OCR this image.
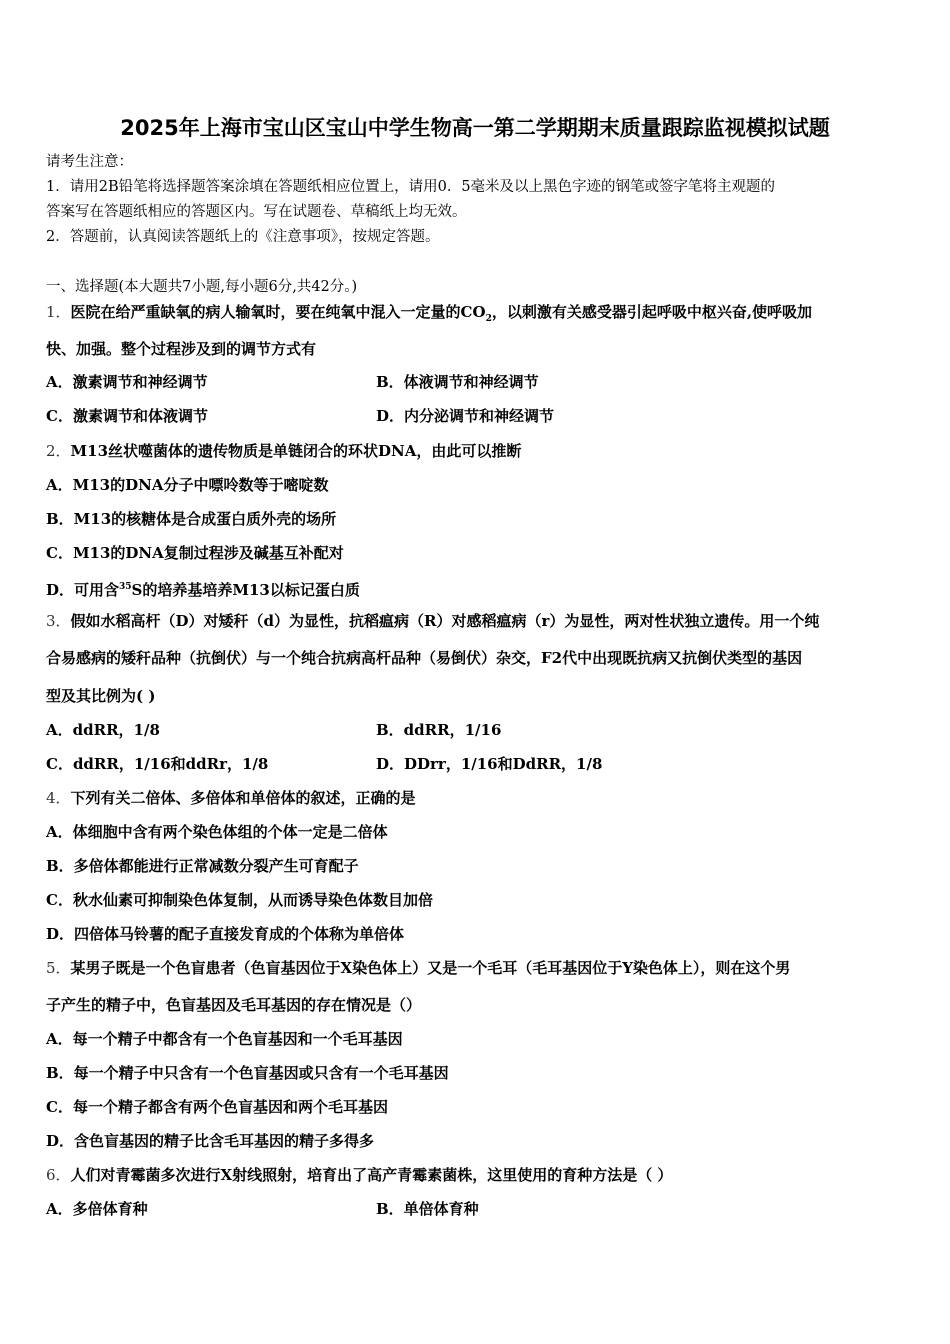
2025年上海市宝山区宝山中学生物高一第二学期期末质量跟踪监视模拟试题
请考生注意：
1．请用2B铅笔将选择题答案涂填在答题纸相应位置上，请用0．5毫米及以上黑色字迹的钢笔或签字笔将主观题的
答案写在答题纸相应的答题区内。写在试题卷、草稿纸上均无效。
2．答题前，认真阅读答题纸上的《注意事项》，按规定答题。
一、选择题(本大题共7小题,每小题6分,共42分。)
1．医院在给严重缺氧的病人输氧时，要在纯氧中混入一定量的$CO_2$，以刺激有关感受器引起呼吸中枢兴奋,使呼吸加
快、加强。整个过程涉及到的调节方式有
A．激素调节和神经调节	B．体液调节和神经调节
C．激素调节和体液调节	D．内分泌调节和神经调节
2．M13丝状噬菌体的遗传物质是单链闭合的环状DNA，由此可以推断
A．M13的DNA分子中嘌呤数等于嘧啶数
B．M13的核糖体是合成蛋白质外壳的场所
C．M13的DNA复制过程涉及碱基互补配对
D．可用含$^{35}$S的培养基培养M13以标记蛋白质
3．假如水稻高杆（D）对矮秆（d）为显性，抗稻瘟病（R）对感稻瘟病（r）为显性，两对性状独立遗传。用一个纯
合易感病的矮秆品种（抗倒伏）与一个纯合抗病高杆品种（易倒伏）杂交，F2代中出现既抗病又抗倒伏类型的基因
型及其比例为( )
A．ddRR，1/8	B．ddRR，1/16
C．ddRR，1/16和ddRr，1/8	D．DDrr，1/16和DdRR，1/8
4．下列有关二倍体、多倍体和单倍体的叙述，正确的是
A．体细胞中含有两个染色体组的个体一定是二倍体
B．多倍体都能进行正常减数分裂产生可育配子
C．秋水仙素可抑制染色体复制，从而诱导染色体数目加倍
D．四倍体马铃薯的配子直接发育成的个体称为单倍体
5．某男子既是一个色盲患者（色盲基因位于X染色体上）又是一个毛耳（毛耳基因位于Y染色体上），则在这个男
子产生的精子中，色盲基因及毛耳基因的存在情况是（）
A．每一个精子中都含有一个色盲基因和一个毛耳基因
B．每一个精子中只含有一个色盲基因或只含有一个毛耳基因
C．每一个精子都含有两个色盲基因和两个毛耳基因
D．含色盲基因的精子比含毛耳基因的精子多得多
6．人们对青霉菌多次进行X射线照射，培育出了高产青霉素菌株，这里使用的育种方法是（ ）
A．多倍体育种	B．单倍体育种
